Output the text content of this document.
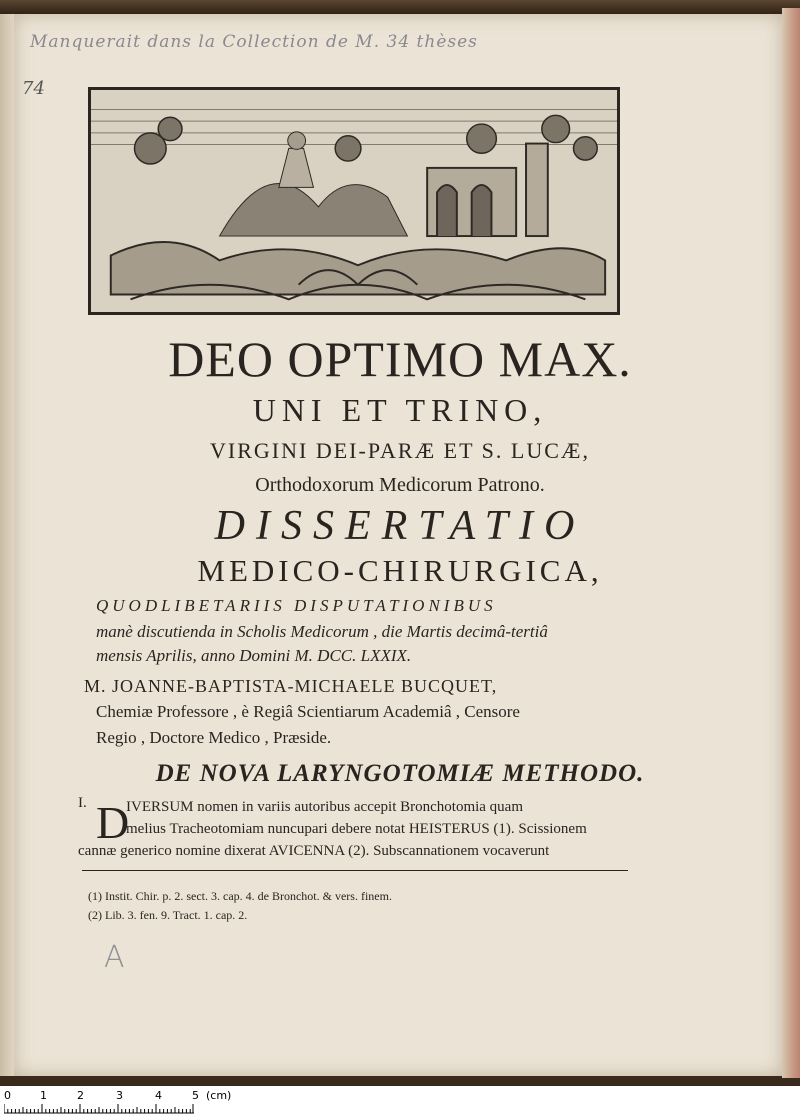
Manquerait dans la Collection de M. 34 thèses
74
DEO OPTIMO MAX.
UNI ET TRINO,
VIRGINI DEI-PARÆ ET S. LUCÆ,
Orthodoxorum Medicorum Patrono.
DISSERTATIO
MEDICO-CHIRURGICA,
QUODLIBETARIIS DISPUTATIONIBUS
manè discutienda in Scholis Medicorum , die Martis decimâ-tertiâ
mensis Aprilis, anno Domini M. DCC. LXXIX.
M. JOANNE-BAPTISTA-MICHAELE BUCQUET,
Chemiæ Professore , è Regiâ Scientiarum Academiâ , Censore
Regio , Doctore Medico , Præside.
DE NOVA LARYNGOTOMIÆ METHODO.
I. D
IVERSUM nomen in variis autoribus accepit Bronchotomia quam
melius Tracheotomiam nuncupari debere notat HEISTERUS (1). Scissionem
cannæ generico nomine dixerat AVICENNA (2). Subscannationem vocaverunt
(1) Instit. Chir. p. 2. sect. 3. cap. 4. de Bronchot. & vers. finem.
(2) Lib. 3. fen. 9. Tract. 1. cap. 2.
A
0	1	2	3	4	5 (cm)
